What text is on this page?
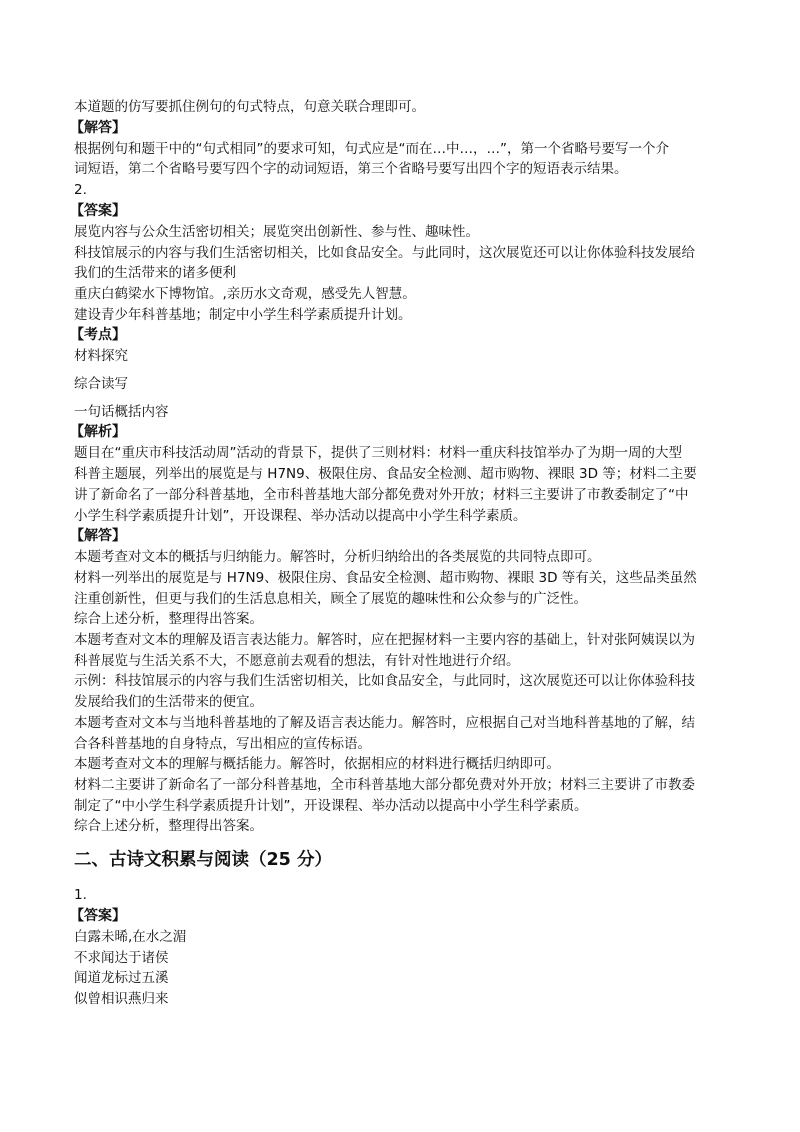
本道题的仿写要抓住例句的句式特点，句意关联合理即可。
【解答】
根据例句和题干中的“句式相同”的要求可知，句式应是“而在…中…，…”，第一个省略号要写一个介
词短语，第二个省略号要写四个字的动词短语，第三个省略号要写出四个字的短语表示结果。
2.
【答案】
展览内容与公众生活密切相关；展览突出创新性、参与性、趣味性。
科技馆展示的内容与我们生活密切相关，比如食品安全。与此同时，这次展览还可以让你体验科技发展给
我们的生活带来的诸多便利
重庆白鹤梁水下博物馆。,亲历水文奇观，感受先人智慧。
建设青少年科普基地；制定中小学生科学素质提升计划。
【考点】
材料探究
综合读写
一句话概括内容
【解析】
题目在“重庆市科技活动周”活动的背景下，提供了三则材料：材料一重庆科技馆举办了为期一周的大型
科普主题展，列举出的展览是与 H7N9、极限住房、食品安全检测、超市购物、裸眼 3D 等；材料二主要
讲了新命名了一部分科普基地，全市科普基地大部分都免费对外开放；材料三主要讲了市教委制定了“中
小学生科学素质提升计划”，开设课程、举办活动以提高中小学生科学素质。
【解答】
本题考查对文本的概括与归纳能力。解答时，分析归纳给出的各类展览的共同特点即可。
材料一列举出的展览是与 H7N9、极限住房、食品安全检测、超市购物、裸眼 3D 等有关，这些品类虽然
注重创新性，但更与我们的生活息息相关，顾全了展览的趣味性和公众参与的广泛性。
综合上述分析，整理得出答案。
本题考查对文本的理解及语言表达能力。解答时，应在把握材料一主要内容的基础上，针对张阿姨误以为
科普展览与生活关系不大，不愿意前去观看的想法，有针对性地进行介绍。
示例：科技馆展示的内容与我们生活密切相关，比如食品安全，与此同时，这次展览还可以让你体验科技
发展给我们的生活带来的便宜。
本题考查对文本与当地科普基地的了解及语言表达能力。解答时，应根据自己对当地科普基地的了解，结
合各科普基地的自身特点，写出相应的宣传标语。
本题考查对文本的理解与概括能力。解答时，依据相应的材料进行概括归纳即可。
材料二主要讲了新命名了一部分科普基地，全市科普基地大部分都免费对外开放；材料三主要讲了市教委
制定了“中小学生科学素质提升计划”，开设课程、举办活动以提高中小学生科学素质。
综合上述分析，整理得出答案。
二、古诗文积累与阅读（25 分）
1.
【答案】
白露未晞,在水之湄
不求闻达于诸侯
闻道龙标过五溪
似曾相识燕归来
